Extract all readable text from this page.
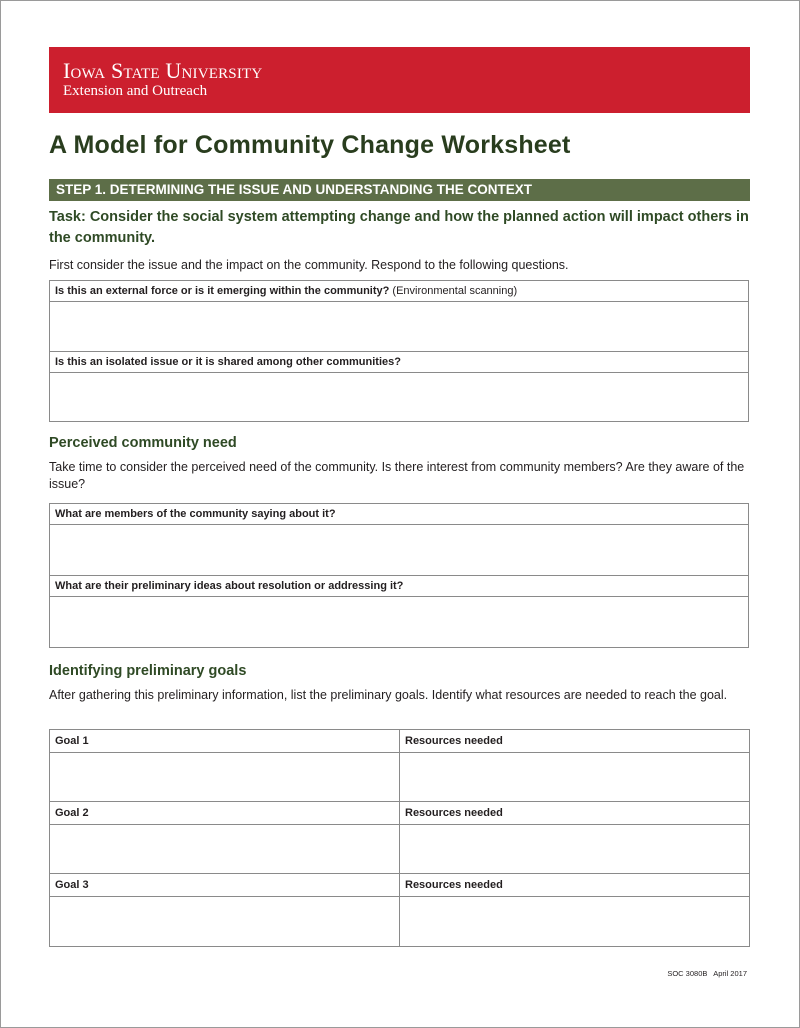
Iowa State University
Extension and Outreach
A Model for Community Change Worksheet
STEP 1. DETERMINING THE ISSUE AND UNDERSTANDING THE CONTEXT
Task: Consider the social system attempting change and how the planned action will impact others in the community.
First consider the issue and the impact on the community. Respond to the following questions.
Is this an external force or is it emerging within the community? (Environmental scanning)
Is this an isolated issue or it is shared among other communities?
Perceived community need
Take time to consider the perceived need of the community. Is there interest from community members? Are they aware of the issue?
What are members of the community saying about it?
What are their preliminary ideas about resolution or addressing it?
Identifying preliminary goals
After gathering this preliminary information, list the preliminary goals. Identify what resources are needed to reach the goal.
Goal 1	Resources needed
Goal 2	Resources needed
Goal 3	Resources needed
SOC 3080B April 2017
